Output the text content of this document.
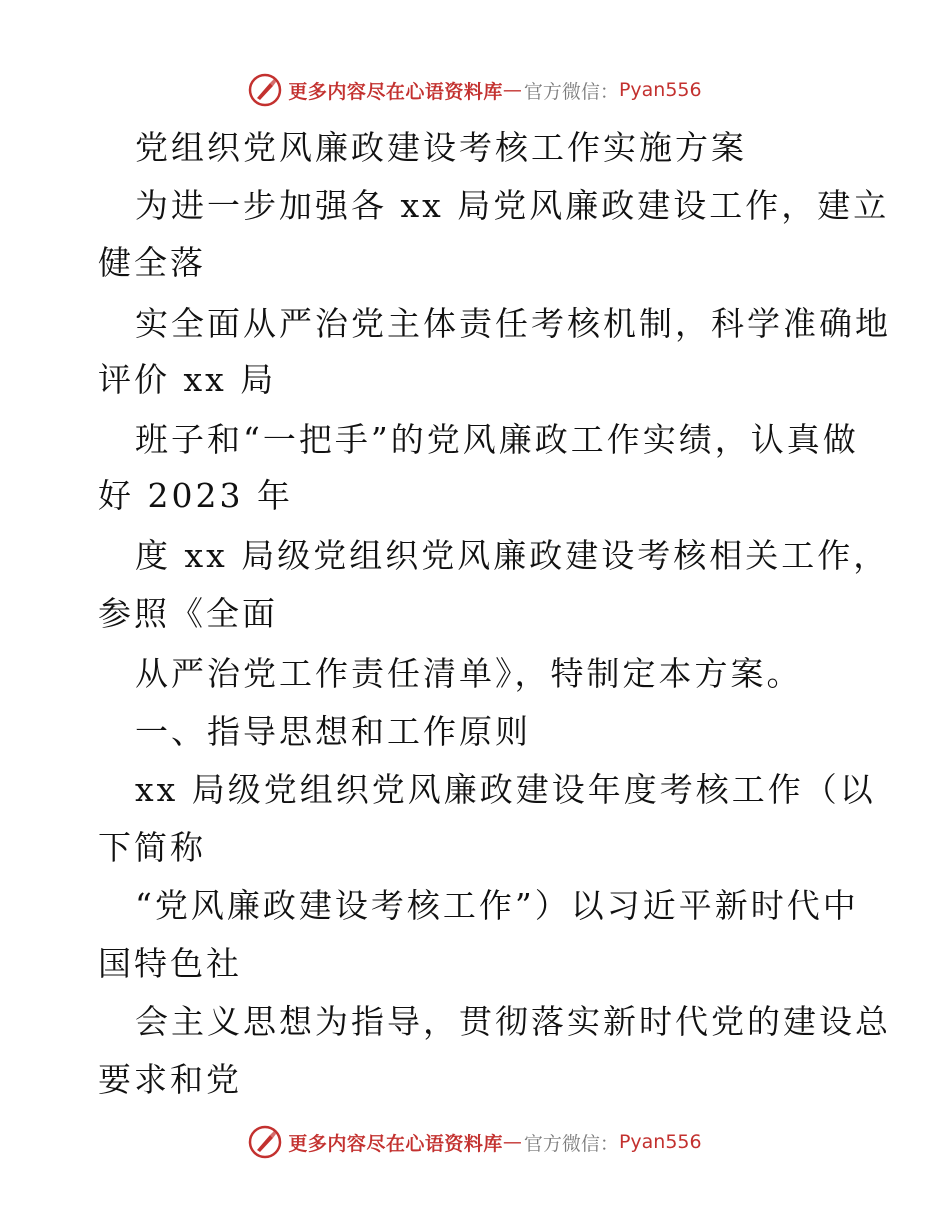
更多内容尽在心语资料库 — 官方微信： Pyan556
党组织党风廉政建设考核工作实施方案
为进一步加强各 xx 局党风廉政建设工作，建立
健全落
实全面从严治党主体责任考核机制，科学准确地
评价 xx 局
班子和“一把手”的党风廉政工作实绩，认真做
好 2023 年
度 xx 局级党组织党风廉政建设考核相关工作，
参照《全面
从严治党工作责任清单》，特制定本方案。
一、指导思想和工作原则
xx 局级党组织党风廉政建设年度考核工作（以
下简称
“党风廉政建设考核工作”）以习近平新时代中
国特色社
会主义思想为指导，贯彻落实新时代党的建设总
要求和党
更多内容尽在心语资料库 — 官方微信： Pyan556
